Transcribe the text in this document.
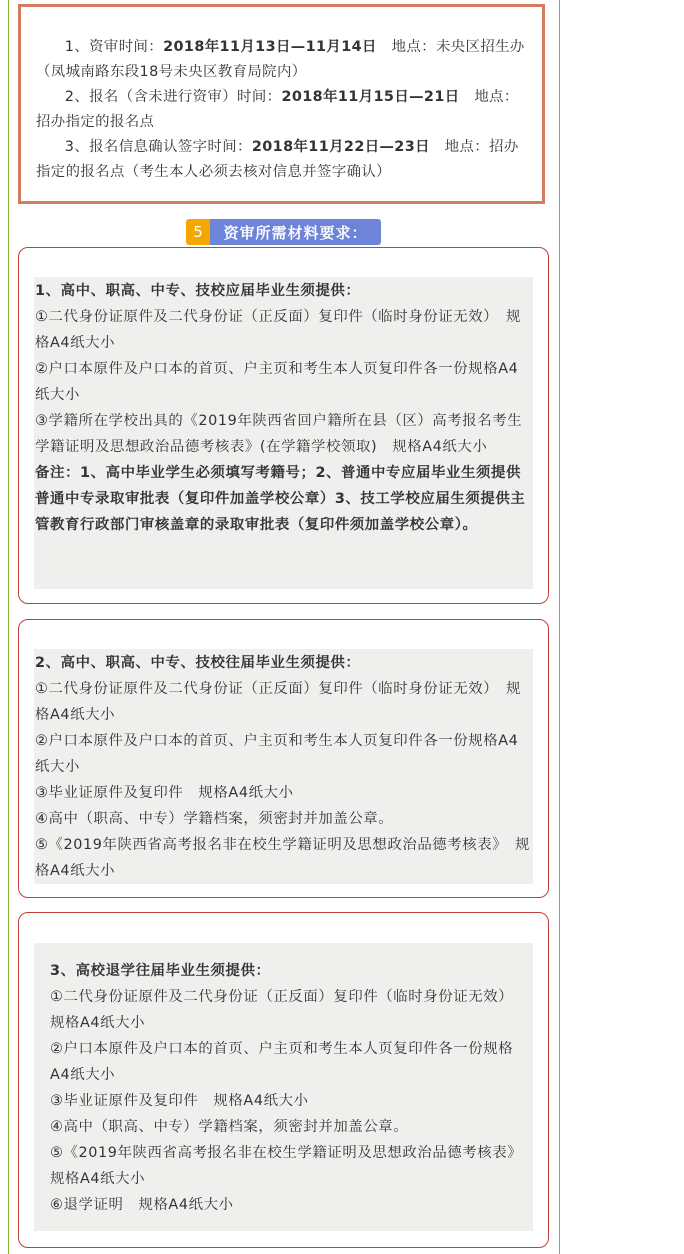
1、资审时间：2018年11月13日—11月14日　地点：未央区招生办（凤城南路东段18号未央区教育局院内）

2、报名（含未进行资审）时间：2018年11月15日—21日　地点：招办指定的报名点

3、报名信息确认签字时间：2018年11月22日—23日　地点：招办指定的报名点（考生本人必须去核对信息并签字确认）

5	资审所需材料要求：

1、高中、职高、中专、技校应届毕业生须提供：

①二代身份证原件及二代身份证（正反面）复印件（临时身份证无效）　规格A4纸大小

②户口本原件及户口本的首页、户主页和考生本人页复印件各一份规格A4纸大小

③学籍所在学校出具的《2019年陕西省回户籍所在县（区）高考报名考生学籍证明及思想政治品德考核表》(在学籍学校领取)　规格A4纸大小

备注：1、高中毕业学生必须填写考籍号；2、普通中专应届毕业生须提供普通中专录取审批表（复印件加盖学校公章）3、技工学校应届生须提供主管教育行政部门审核盖章的录取审批表（复印件须加盖学校公章）。

2、高中、职高、中专、技校往届毕业生须提供：

①二代身份证原件及二代身份证（正反面）复印件（临时身份证无效）　规格A4纸大小

②户口本原件及户口本的首页、户主页和考生本人页复印件各一份规格A4纸大小

③毕业证原件及复印件　规格A4纸大小

④高中（职高、中专）学籍档案，须密封并加盖公章。

⑤《2019年陕西省高考报名非在校生学籍证明及思想政治品德考核表》　规格A4纸大小

3、高校退学往届毕业生须提供：

①二代身份证原件及二代身份证（正反面）复印件（临时身份证无效）规格A4纸大小

②户口本原件及户口本的首页、户主页和考生本人页复印件各一份规格A4纸大小

③毕业证原件及复印件　规格A4纸大小

④高中（职高、中专）学籍档案，须密封并加盖公章。

⑤《2019年陕西省高考报名非在校生学籍证明及思想政治品德考核表》规格A4纸大小

⑥退学证明　规格A4纸大小
